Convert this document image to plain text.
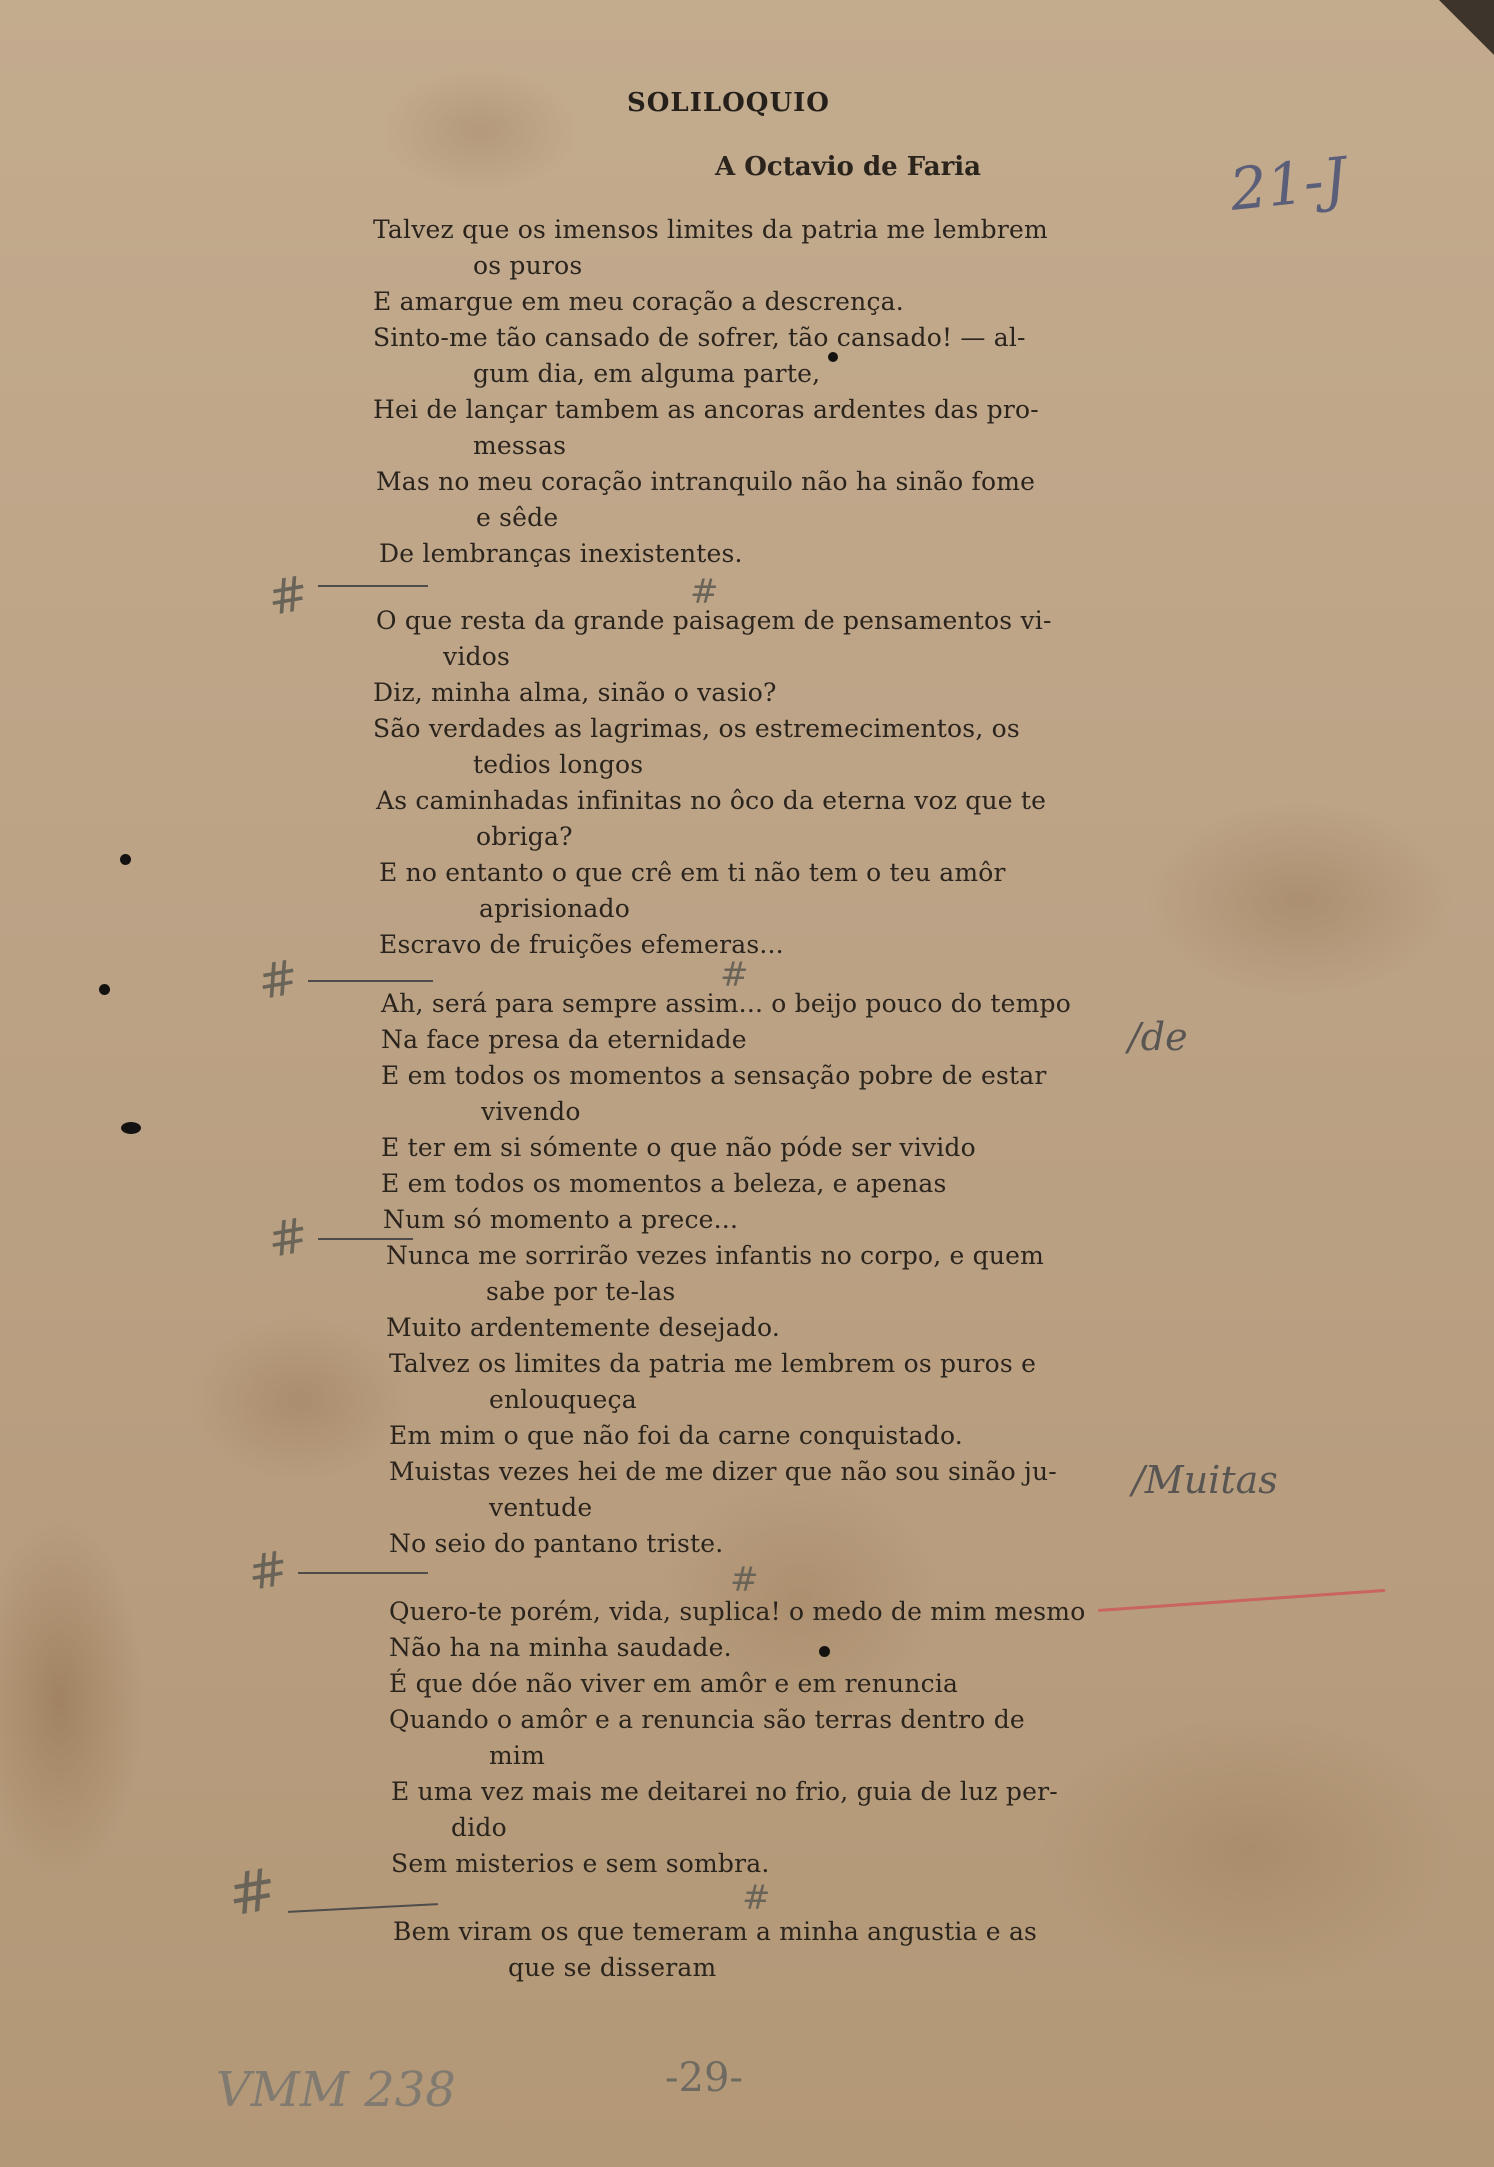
SOLILOQUIO
A Octavio de Faria
Talvez que os imensos limites da patria me lembrem
os puros
E amargue em meu coração a descrença.
Sinto-me tão cansado de sofrer, tão cansado! — al-
gum dia, em alguma parte,
Hei de lançar tambem as ancoras ardentes das pro-
messas
Mas no meu coração intranquilo não ha sinão fome
e sêde
De lembranças inexistentes.
O que resta da grande paisagem de pensamentos vi-
vidos
Diz, minha alma, sinão o vasio?
São verdades as lagrimas, os estremecimentos, os
tedios longos
As caminhadas infinitas no ôco da eterna voz que te
obriga?
E no entanto o que crê em ti não tem o teu amôr
aprisionado
Escravo de fruições efemeras...
Ah, será para sempre assim... o beijo pouco do tempo
Na face presa da eternidade
E em todos os momentos a sensação pobre de estar
vivendo
E ter em si sómente o que não póde ser vivido
E em todos os momentos a beleza, e apenas
Num só momento a prece...
Nunca me sorrirão vezes infantis no corpo, e quem
sabe por te-las
Muito ardentemente desejado.
Talvez os limites da patria me lembrem os puros e
enlouqueça
Em mim o que não foi da carne conquistado.
Muistas vezes hei de me dizer que não sou sinão ju-
ventude
No seio do pantano triste.
Quero-te porém, vida, suplica! o medo de mim mesmo
Não ha na minha saudade.
É que dóe não viver em amôr e em renuncia
Quando o amôr e a renuncia são terras dentro de
mim
E uma vez mais me deitarei no frio, guia de luz per-
dido
Sem misterios e sem sombra.
Bem viram os que temeram a minha angustia e as
que se disseram
21-J
/de
/Muitas
VMM 238	-29-
#	#
#	#
#
#	#
#	#
